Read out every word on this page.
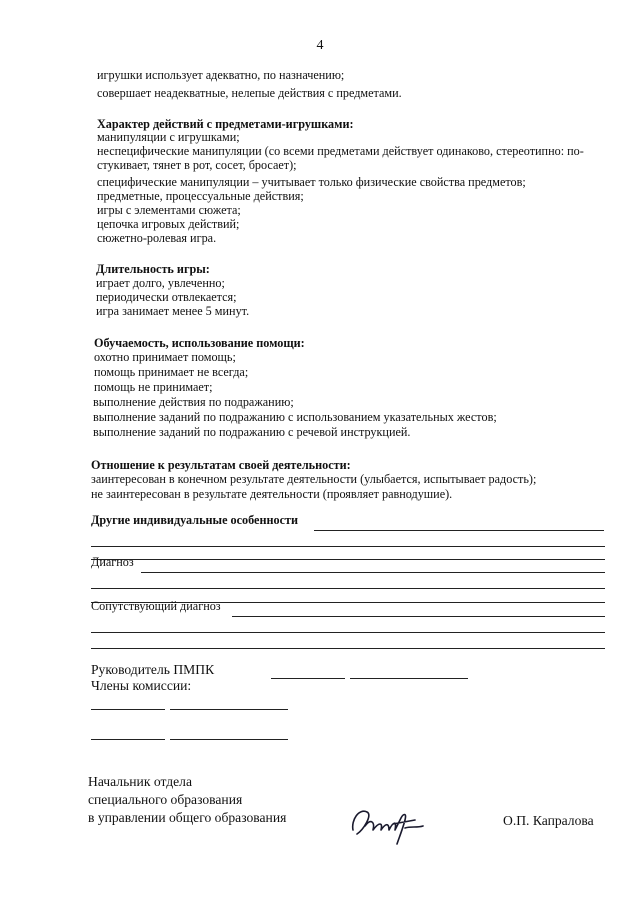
4
игрушки использует адекватно, по назначению;
совершает неадекватные, нелепые действия с предметами.
Характер действий с предметами-игрушками:
манипуляции с игрушками;
неспецифические манипуляции (со всеми предметами действует одинаково, стереотипно: по-
стукивает, тянет в рот, сосет, бросает);
специфические манипуляции – учитывает только физические свойства предметов;
предметные, процессуальные действия;
игры с элементами сюжета;
цепочка игровых действий;
сюжетно-ролевая игра.
Длительность игры:
играет долго, увлеченно;
периодически отвлекается;
игра занимает менее 5 минут.
Обучаемость, использование помощи:
охотно принимает помощь;
помощь принимает не всегда;
помощь не принимает;
выполнение действия по подражанию;
выполнение заданий по подражанию с использованием указательных жестов;
выполнение заданий по подражанию с речевой инструкцией.
Отношение к результатам своей деятельности:
заинтересован в конечном результате деятельности (улыбается, испытывает радость);
не заинтересован в результате деятельности (проявляет равнодушие).
Другие индивидуальные особенности
Диагноз
Сопутствующий диагноз
Руководитель ПМПК
Члены комиссии:
Начальник отдела
специального образования
в управлении общего образования	О.П. Капралова
